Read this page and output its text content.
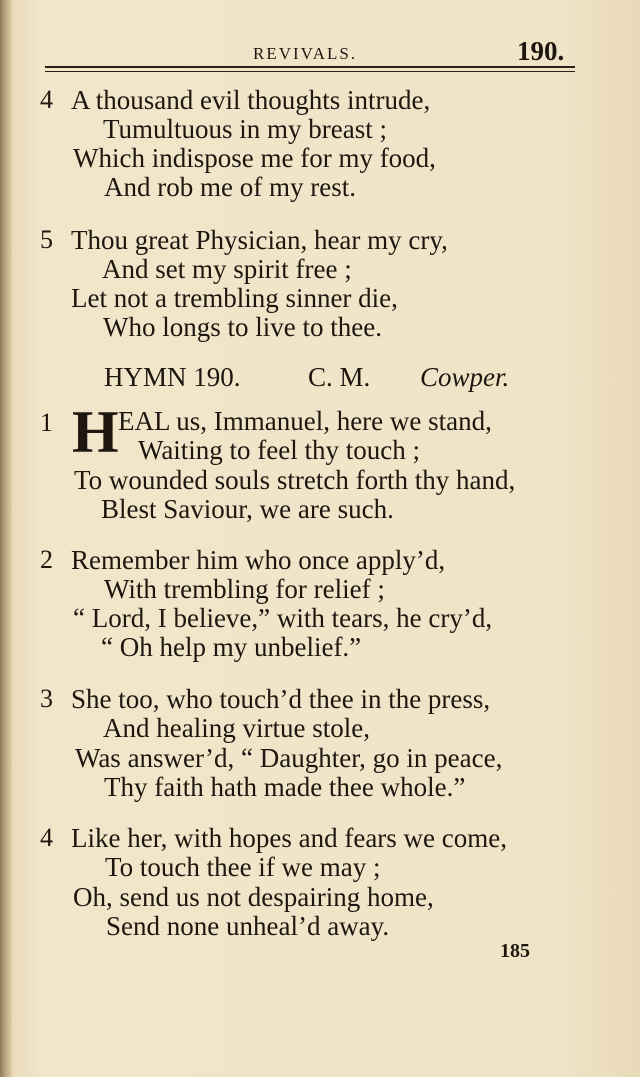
REVIVALS.	190.
4 A thousand evil thoughts intrude,
Tumultuous in my breast ;
Which indispose me for my food,
And rob me of my rest.
5 Thou great Physician, hear my cry,
And set my spirit free ;
Let not a trembling sinner die,
Who longs to live to thee.
HYMN 190. C. M. Cowper.
1 H EAL us, Immanuel, here we stand,
Waiting to feel thy touch ;
To wounded souls stretch forth thy hand,
Blest Saviour, we are such.
2 Remember him who once apply’d,
With trembling for relief ;
“ Lord, I believe,” with tears, he cry’d,
“ Oh help my unbelief.”
3 She too, who touch’d thee in the press,
And healing virtue stole,
Was answer’d, “ Daughter, go in peace,
Thy faith hath made thee whole.”
4 Like her, with hopes and fears we come,
To touch thee if we may ;
Oh, send us not despairing home,
Send none unheal’d away.
185
